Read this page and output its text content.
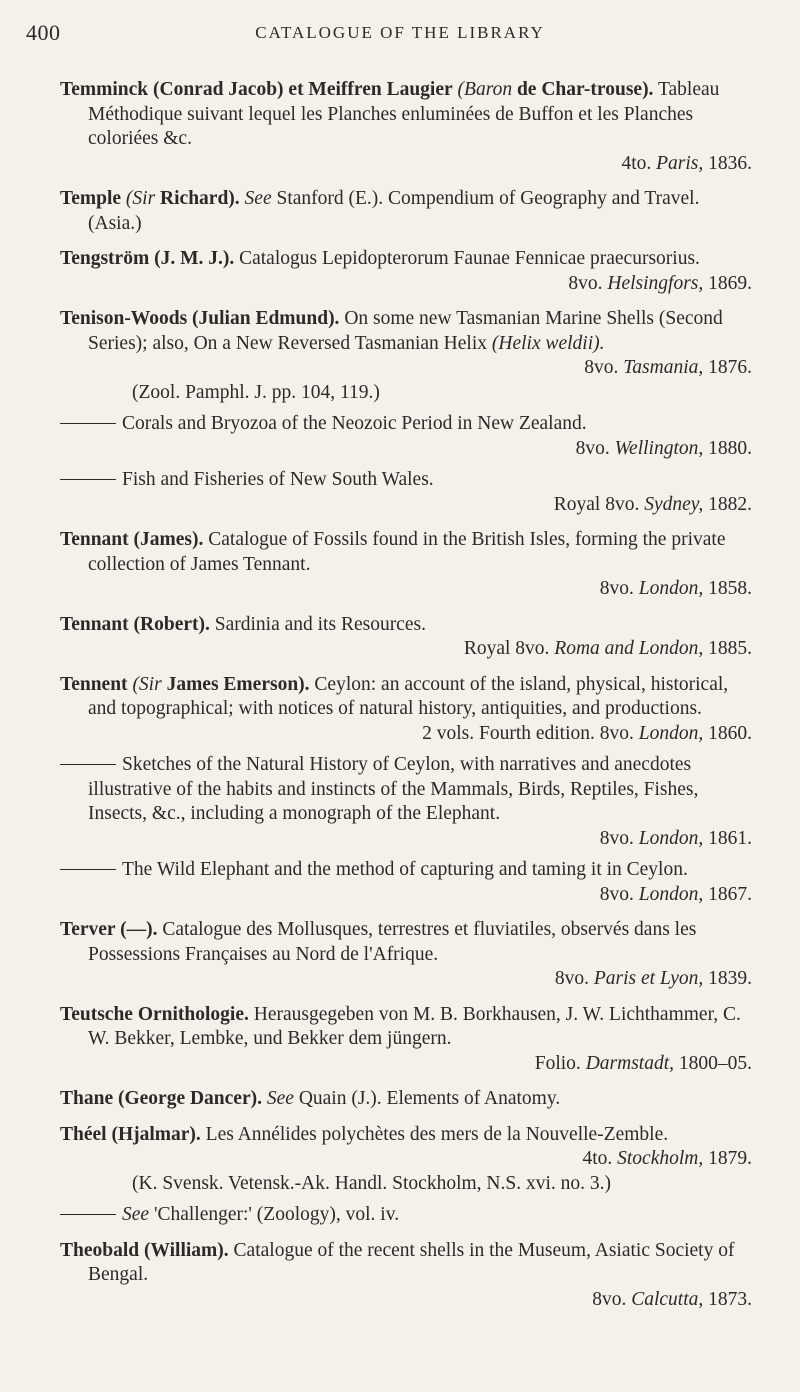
400	CATALOGUE OF THE LIBRARY

Temminck (Conrad Jacob) et Meiffren Laugier (Baron de Char-trouse). Tableau Méthodique suivant lequel les Planches enluminées de Buffon et les Planches coloriées &c.
4to. Paris, 1836.

Temple (Sir Richard). See Stanford (E.). Compendium of Geography and Travel. (Asia.)

Tengström (J. M. J.). Catalogus Lepidopterorum Faunae Fennicae praecursorius.
8vo. Helsingfors, 1869.

Tenison-Woods (Julian Edmund). On some new Tasmanian Marine Shells (Second Series); also, On a New Reversed Tasmanian Helix (Helix weldii).
8vo. Tasmania, 1876.
(Zool. Pamphl. J. pp. 104, 119.)

Corals and Bryozoa of the Neozoic Period in New Zealand.
8vo. Wellington, 1880.

Fish and Fisheries of New South Wales.
Royal 8vo. Sydney, 1882.

Tennant (James). Catalogue of Fossils found in the British Isles, forming the private collection of James Tennant.
8vo. London, 1858.

Tennant (Robert). Sardinia and its Resources.
Royal 8vo. Roma and London, 1885.

Tennent (Sir James Emerson). Ceylon: an account of the island, physical, historical, and topographical; with notices of natural history, antiquities, and productions.
2 vols. Fourth edition. 8vo. London, 1860.

Sketches of the Natural History of Ceylon, with narratives and anecdotes illustrative of the habits and instincts of the Mammals, Birds, Reptiles, Fishes, Insects, &c., including a monograph of the Elephant.
8vo. London, 1861.

The Wild Elephant and the method of capturing and taming it in Ceylon.
8vo. London, 1867.

Terver (—). Catalogue des Mollusques, terrestres et fluviatiles, observés dans les Possessions Françaises au Nord de l'Afrique.
8vo. Paris et Lyon, 1839.

Teutsche Ornithologie. Herausgegeben von M. B. Borkhausen, J. W. Lichthammer, C. W. Bekker, Lembke, und Bekker dem jüngern.
Folio. Darmstadt, 1800–05.

Thane (George Dancer). See Quain (J.). Elements of Anatomy.

Théel (Hjalmar). Les Annélides polychètes des mers de la Nouvelle-Zemble.
4to. Stockholm, 1879.
(K. Svensk. Vetensk.-Ak. Handl. Stockholm, N.S. xvi. no. 3.)

See 'Challenger:' (Zoology), vol. iv.

Theobald (William). Catalogue of the recent shells in the Museum, Asiatic Society of Bengal.
8vo. Calcutta, 1873.
